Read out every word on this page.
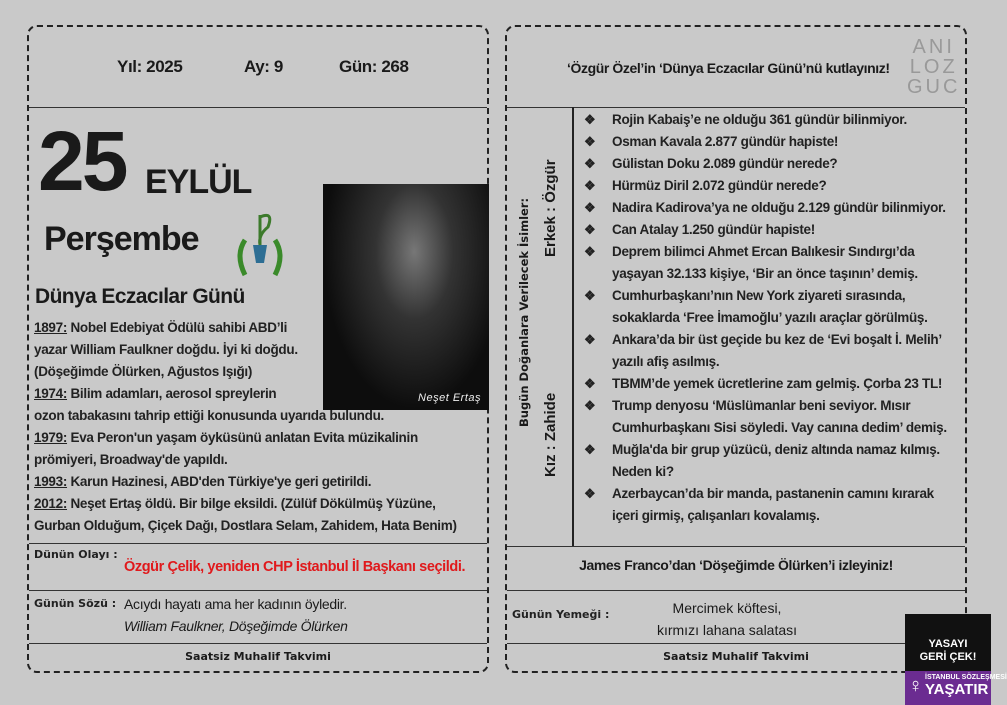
Yıl: 2025	Ay: 9	Gün: 268
25 EYLÜL
Perşembe
Dünya Eczacılar Günü
Neşet Ertaş
1897: Nobel Edebiyat Ödülü sahibi ABD’li
yazar William Faulkner doğdu. İyi ki doğdu.
(Döşeğimde Ölürken, Ağustos Işığı)
1974: Bilim adamları, aerosol spreylerin
ozon tabakasını tahrip ettiği konusunda uyarıda bulundu.
1979: Eva Peron'un yaşam öyküsünü anlatan Evita müzikalinin
prömiyeri, Broadway'de yapıldı.
1993: Karun Hazinesi, ABD'den Türkiye'ye geri getirildi.
2012: Neşet Ertaş öldü. Bir bilge eksildi. (Zülüf Dökülmüş Yüzüne,
Gurban Olduğum, Çiçek Dağı, Dostlara Selam, Zahidem, Hata Benim)
Dünün Olayı :
Özgür Çelik, yeniden CHP İstanbul İl Başkanı seçildi.
Günün Sözü : Acıydı hayatı ama her kadının öyledir.
William Faulkner, Döşeğimde Ölürken
Saatsiz Muhalif Takvimi
‘Özgür Özel’in ‘Dünya Eczacılar Günü’nü kutlayınız!
ANI
LOZ
GUC
Bugün Doğanlara Verilecek İsimler: Erkek : Özgür
Kız : Zahide
❖ Rojin Kabaiş’e ne olduğu 361 gündür bilinmiyor.
❖ Osman Kavala 2.877 gündür hapiste!
❖ Gülistan Doku 2.089 gündür nerede?
❖ Hürmüz Diril 2.072 gündür nerede?
❖ Nadira Kadirova’ya ne olduğu 2.129 gündür bilinmiyor.
❖ Can Atalay 1.250 gündür hapiste!
❖ Deprem bilimci Ahmet Ercan Balıkesir Sındırgı’da yaşayan 32.133 kişiye, ‘Bir an önce taşının’ demiş.
❖ Cumhurbaşkanı’nın New York ziyareti sırasında, sokaklarda ‘Free İmamoğlu’ yazılı araçlar görülmüş.
❖ Ankara’da bir üst geçide bu kez de ‘Evi boşalt İ. Melih’ yazılı afiş asılmış.
❖ TBMM’de yemek ücretlerine zam gelmiş. Çorba 23 TL!
❖ Trump denyosu ‘Müslümanlar beni seviyor. Mısır Cumhurbaşkanı Sisi söyledi. Vay canına dedim’ demiş.
❖ Muğla'da bir grup yüzücü, deniz altında namaz kılmış. Neden ki?
❖ Azerbaycan’da bir manda, pastanenin camını kırarak içeri girmiş, çalışanları kovalamış.
James Franco’dan ‘Döşeğimde Ölürken’i izleyiniz!
Günün Yemeği :	Mercimek köftesi,
kırmızı lahana salatası
Saatsiz Muhalif Takvimi
YASAYI
GERİ ÇEK!
♀ İSTANBUL SÖZLEŞMESİ
YAŞATIR
